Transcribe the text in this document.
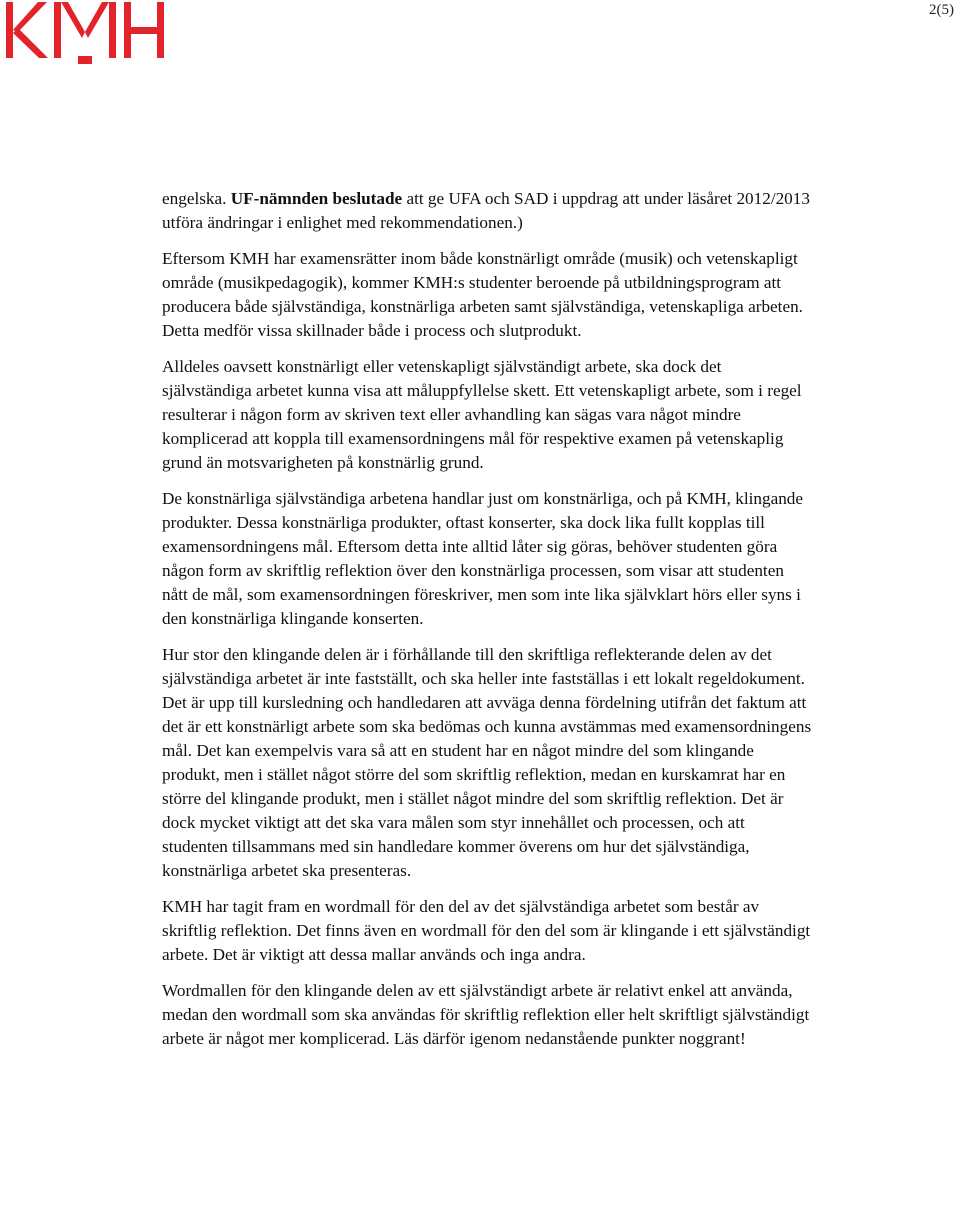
2(5)

engelska. UF-nämnden beslutade att ge UFA och SAD i uppdrag att under läsåret 2012/2013 utföra ändringar i enlighet med rekommendationen.)

Eftersom KMH har examensrätter inom både konstnärligt område (musik) och vetenskapligt område (musikpedagogik), kommer KMH:s studenter beroende på utbildningsprogram att producera både självständiga, konstnärliga arbeten samt självständiga, vetenskapliga arbeten. Detta medför vissa skillnader både i process och slutprodukt.

Alldeles oavsett konstnärligt eller vetenskapligt självständigt arbete, ska dock det självständiga arbetet kunna visa att måluppfyllelse skett. Ett vetenskapligt arbete, som i regel resulterar i någon form av skriven text eller avhandling kan sägas vara något mindre komplicerad att koppla till examensordningens mål för respektive examen på vetenskaplig grund än motsvarigheten på konstnärlig grund.

De konstnärliga självständiga arbetena handlar just om konstnärliga, och på KMH, klingande produkter. Dessa konstnärliga produkter, oftast konserter, ska dock lika fullt kopplas till examensordningens mål. Eftersom detta inte alltid låter sig göras, behöver studenten göra någon form av skriftlig reflektion över den konstnärliga processen, som visar att studenten nått de mål, som examensordningen föreskriver, men som inte lika självklart hörs eller syns i den konstnärliga klingande konserten.

Hur stor den klingande delen är i förhållande till den skriftliga reflekterande delen av det självständiga arbetet är inte fastställt, och ska heller inte fastställas i ett lokalt regeldokument. Det är upp till kursledning och handledaren att avväga denna fördelning utifrån det faktum att det är ett konstnärligt arbete som ska bedömas och kunna avstämmas med examensordningens mål. Det kan exempelvis vara så att en student har en något mindre del som klingande produkt, men i stället något större del som skriftlig reflektion, medan en kurskamrat har en större del klingande produkt, men i stället något mindre del som skriftlig reflektion. Det är dock mycket viktigt att det ska vara målen som styr innehållet och processen, och att studenten tillsammans med sin handledare kommer överens om hur det självständiga, konstnärliga arbetet ska presenteras.

KMH har tagit fram en wordmall för den del av det självständiga arbetet som består av skriftlig reflektion. Det finns även en wordmall för den del som är klingande i ett självständigt arbete. Det är viktigt att dessa mallar används och inga andra.

Wordmallen för den klingande delen av ett självständigt arbete är relativt enkel att använda, medan den wordmall som ska användas för skriftlig reflektion eller helt skriftligt självständigt arbete är något mer komplicerad. Läs därför igenom nedanstående punkter noggrant!
